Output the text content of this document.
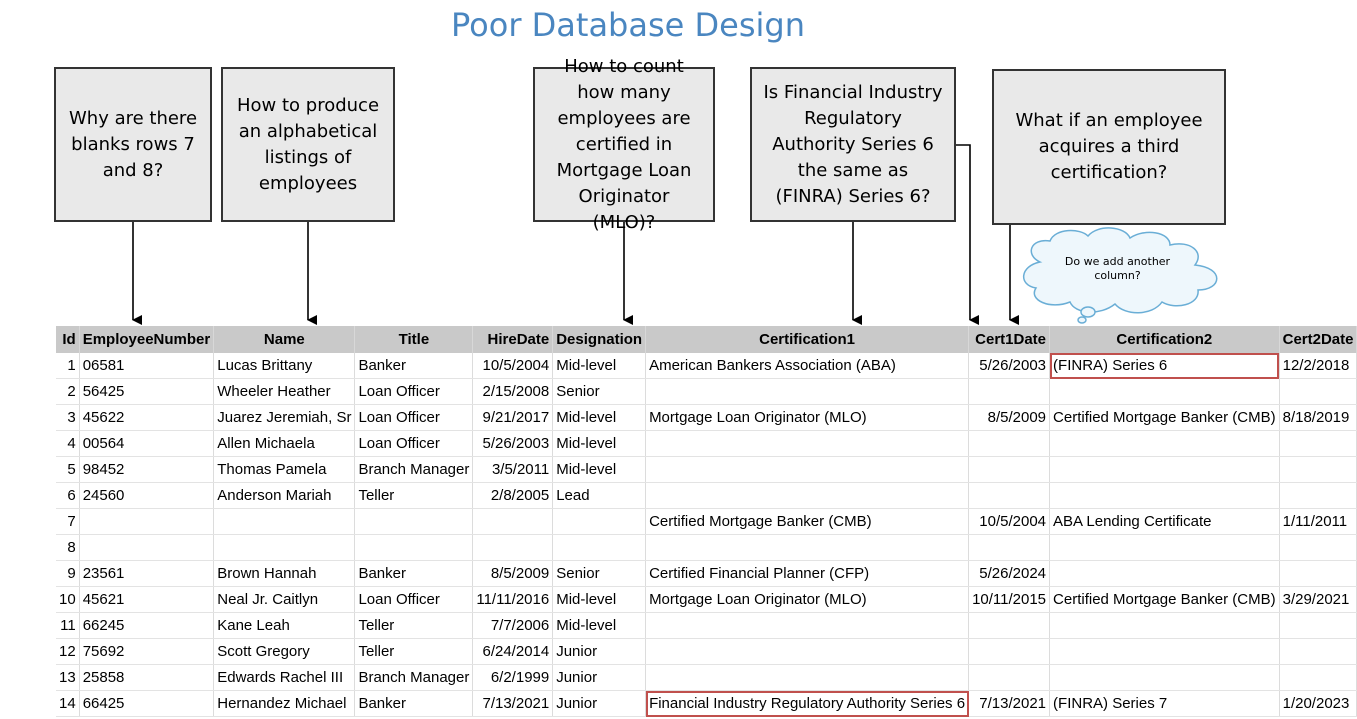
Poor Database Design
Why are there blanks rows 7 and 8?
How to produce an alphabetical listings of employees
How to count how many employees are certified in Mortgage Loan Originator (MLO)?
Is Financial Industry Regulatory Authority Series 6 the same as (FINRA) Series 6?
What if an employee acquires a third certification?
Do we add another column?
Id	EmployeeNumber	Name	Title	HireDate	Designation	Certification1	Cert1Date	Certification2	Cert2Date
1	06581	Lucas Brittany	Banker	10/5/2004	Mid-level	American Bankers Association (ABA)	5/26/2003	(FINRA) Series 6	12/2/2018
2	56425	Wheeler Heather	Loan Officer	2/15/2008	Senior				
3	45622	Juarez Jeremiah, Sr	Loan Officer	9/21/2017	Mid-level	Mortgage Loan Originator (MLO)	8/5/2009	Certified Mortgage Banker (CMB)	8/18/2019
4	00564	Allen Michaela	Loan Officer	5/26/2003	Mid-level				
5	98452	Thomas Pamela	Branch Manager	3/5/2011	Mid-level				
6	24560	Anderson Mariah	Teller	2/8/2005	Lead				
7						Certified Mortgage Banker (CMB)	10/5/2004	ABA Lending Certificate	1/11/2011
8									
9	23561	Brown Hannah	Banker	8/5/2009	Senior	Certified Financial Planner (CFP)	5/26/2024		
10	45621	Neal Jr. Caitlyn	Loan Officer	11/11/2016	Mid-level	Mortgage Loan Originator (MLO)	10/11/2015	Certified Mortgage Banker (CMB)	3/29/2021
11	66245	Kane Leah	Teller	7/7/2006	Mid-level				
12	75692	Scott Gregory	Teller	6/24/2014	Junior				
13	25858	Edwards Rachel III	Branch Manager	6/2/1999	Junior				
14	66425	Hernandez Michael	Banker	7/13/2021	Junior	Financial Industry Regulatory Authority Series 6	7/13/2021	(FINRA) Series 7	1/20/2023
